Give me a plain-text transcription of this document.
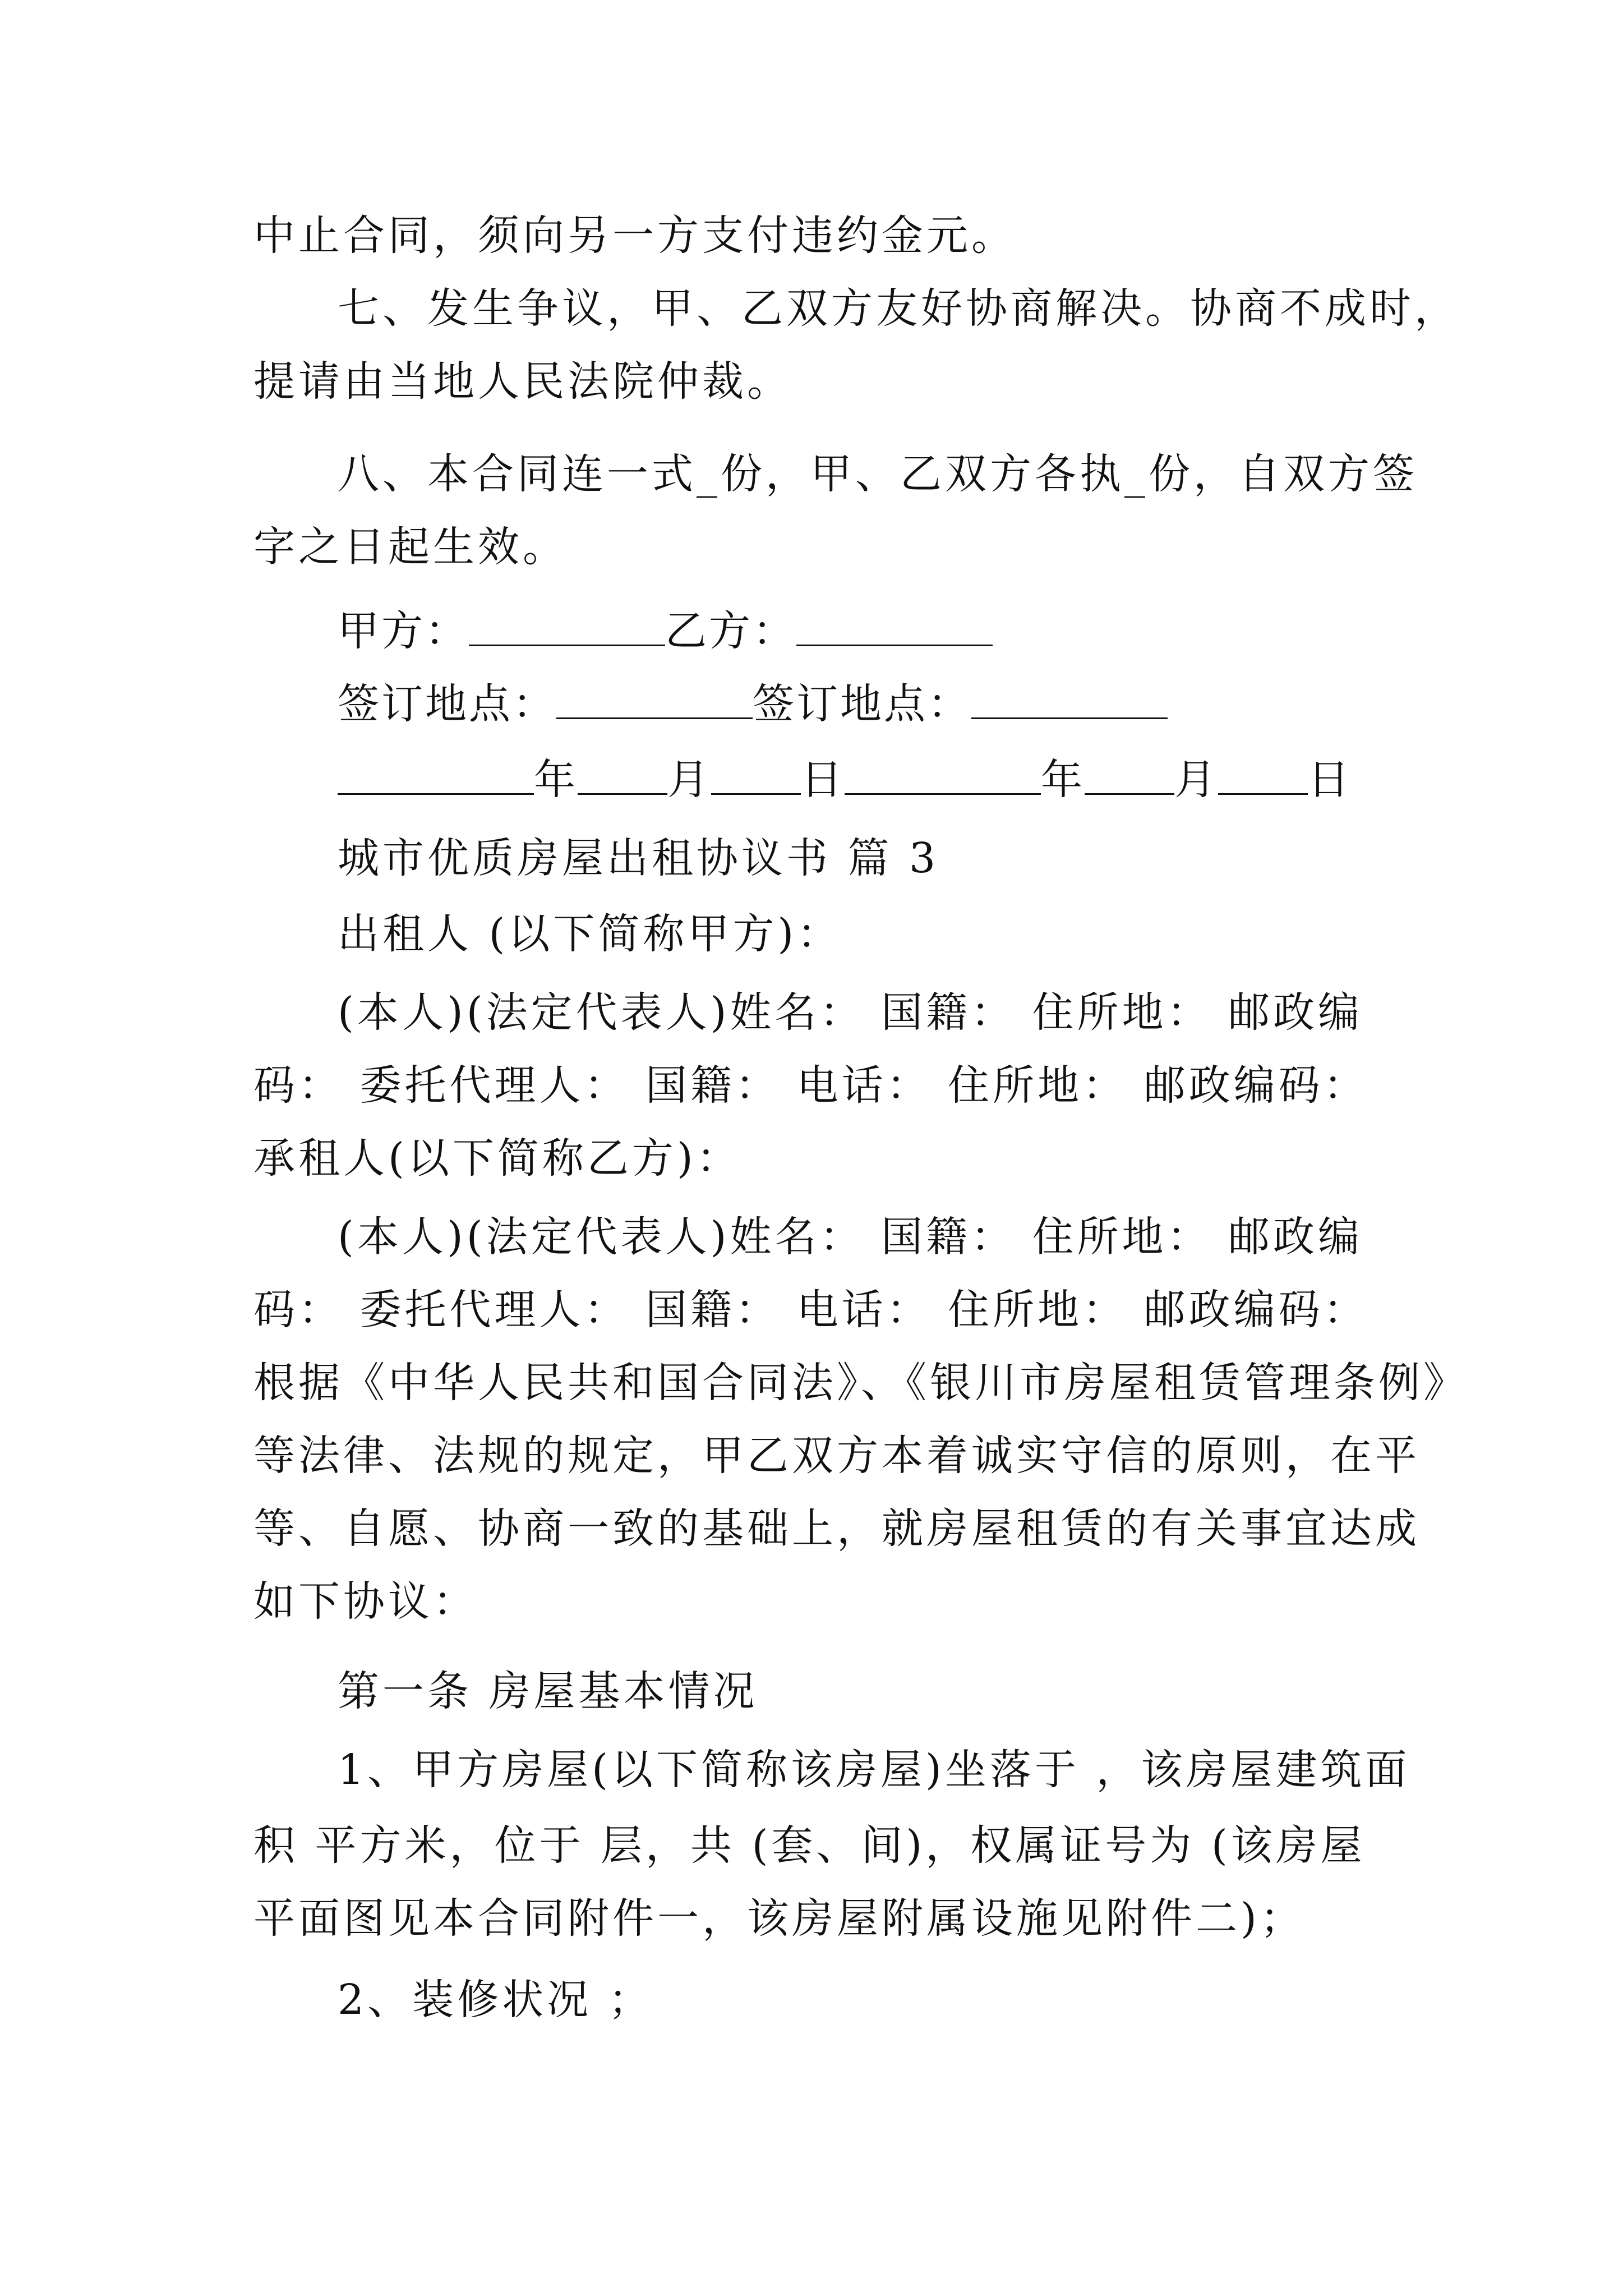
中止合同，须向另一方支付违约金元。
七、发生争议，甲、乙双方友好协商解决。协商不成时，
提请由当地人民法院仲裁。
八、本合同连一式_份，甲、乙双方各执_份，自双方签
字之日起生效。
甲方：	乙方：
签订地点：	签订地点：
年 月 日	年 月 日
城市优质房屋出租协议书 篇 3
出租人 (以下简称甲方)：
(本人)(法定代表人)姓名： 国籍： 住所地： 邮政编
码： 委托代理人： 国籍： 电话： 住所地： 邮政编码：
承租人(以下简称乙方)：
(本人)(法定代表人)姓名： 国籍： 住所地： 邮政编
码： 委托代理人： 国籍： 电话： 住所地： 邮政编码：
根据《中华人民共和国合同法》、《银川市房屋租赁管理条例》
等法律、法规的规定，甲乙双方本着诚实守信的原则，在平
等、自愿、协商一致的基础上，就房屋租赁的有关事宜达成
如下协议：
第一条 房屋基本情况
1、甲方房屋(以下简称该房屋)坐落于 ，该房屋建筑面
积 平方米，位于 层，共 (套、间)，权属证号为 (该房屋
平面图见本合同附件一，该房屋附属设施见附件二)；
2、装修状况 ；
